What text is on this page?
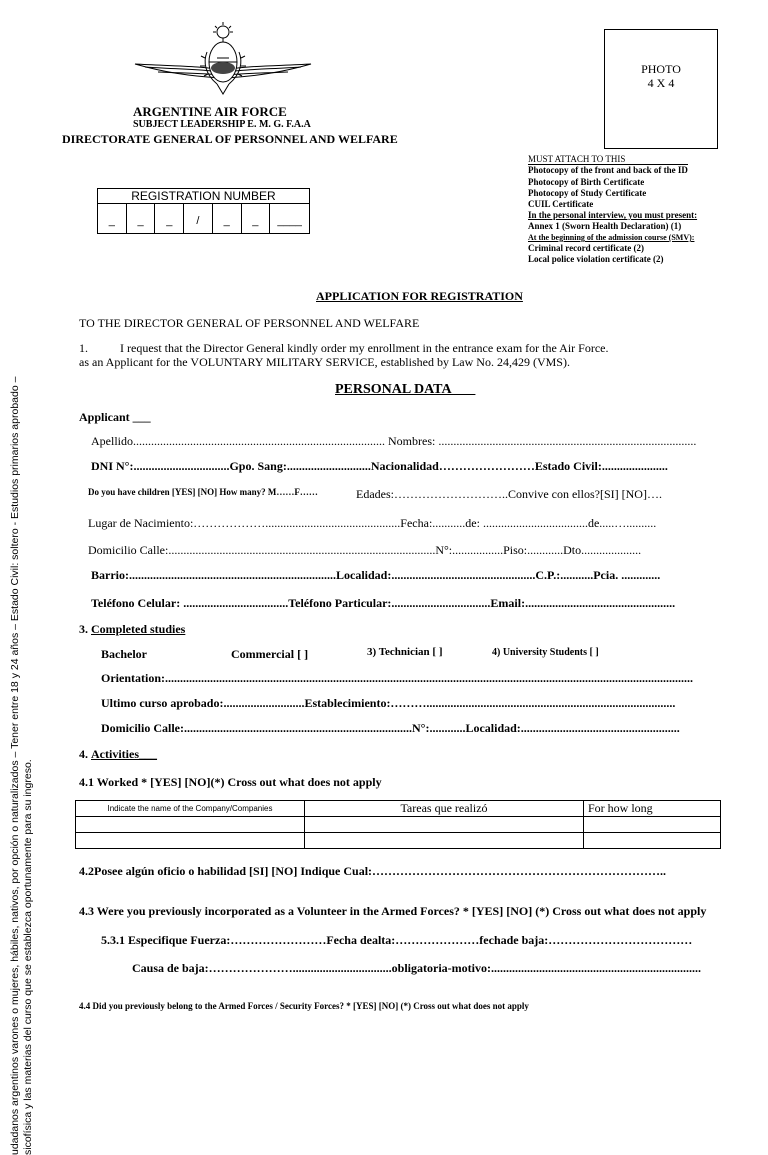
ARGENTINE AIR FORCE
SUBJECT LEADERSHIP E. M. G. F.A.A
DIRECTORATE GENERAL OF PERSONNEL AND WELFARE
PHOTO
4 X 4
MUST ATTACH TO THIS
Photocopy of the front and back of the ID
Photocopy of Birth Certificate
Photocopy of Study Certificate
CUIL Certificate
In the personal interview, you must present:
Annex 1 (Sworn Health Declaration) (1)
At the beginning of the admission course (SMV):
Criminal record certificate (2)
Local police violation certificate (2)
REGISTRATION NUMBER
_	_	_	/	_	_	____
udadanos argentinos varones o mujeres, hábiles, nativos, por opción o naturalizados – Tener entre 18 y 24 años – Estado Civil: soltero - Estudios primarios aprobado – sicofísica y las materias del curso que se establezca oportunamente para su ingreso.
APPLICATION FOR REGISTRATION
TO THE DIRECTOR GENERAL OF PERSONNEL AND WELFARE
1.	I request that the Director General kindly order my enrollment in the entrance exam for the Air Force.
as an Applicant for the VOLUNTARY MILITARY SERVICE, established by Law No. 24,429 (VMS).
PERSONAL DATA ___
Applicant ___
Apellido.................................................................................... Nombres: ......................................................................................
DNI N°:................................Gpo. Sang:............................Nacionalidad……………………Estado Civil:......................
Do you have children [YES] [NO] How many? M……F……	Edades:………………………..Convive con ellos?[SI] [NO]….
Lugar de Nacimiento:……………….............................................Fecha:...........de: ...................................de.....…..........
Domicilio Calle:.........................................................................................N°:.................Piso:............Dto....................
Barrio:.....................................................................Localidad:................................................C.P.:...........Pcia. .............
Teléfono Celular: ...................................Teléfono Particular:.................................Email:..................................................
3. Completed studies
Bachelor	Commercial [ ]	3) Technician [ ]	4) University Students [ ]
Orientation:................................................................................................................................................................................
Ultimo curso aprobado:...........................Establecimiento:………...................................................................................
Domicilio Calle:............................................................................N°:............Localidad:.....................................................
4. Activities___
4.1 Worked * [YES] [NO](*) Cross out what does not apply
Indicate the name of the Company/Companies	Tareas que realizó	For how long

4.2Posee algún oficio o habilidad [SI] [NO] Indique Cual:………………………………………………………………..
4.3 Were you previously incorporated as a Volunteer in the Armed Forces? * [YES] [NO] (*) Cross out what does not apply
5.3.1 Especifique Fuerza:……………………Fecha dealta:…………………fechade baja:………………………………
Causa de baja:………………….................................obligatoria-motivo:......................................................................
4.4 Did you previously belong to the Armed Forces / Security Forces? * [YES] [NO] (*) Cross out what does not apply
